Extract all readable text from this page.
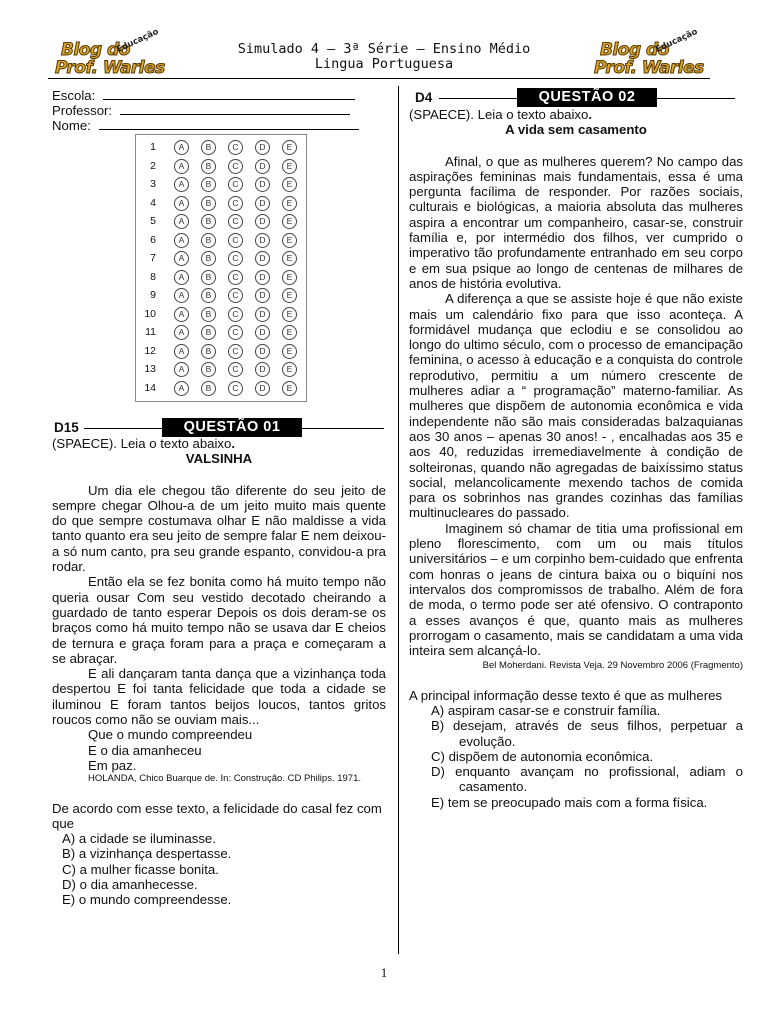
Blog do
Prof. Warles
Educação	Blog do
Prof. Warles
Educação
Simulado 4 – 3ª Série – Ensino Médio
Lingua Portuguesa
Escola:
Professor:
Nome:
1	A	B	C	D	E
2	A	B	C	D	E
3	A	B	C	D	E
4	A	B	C	D	E
5	A	B	C	D	E
6	A	B	C	D	E
7	A	B	C	D	E
8	A	B	C	D	E
9	A	B	C	D	E
10	A	B	C	D	E
11	A	B	C	D	E
12	A	B	C	D	E
13	A	B	C	D	E
14	A	B	C	D	E
D15	QUESTÃO 01
(SPAECE). Leia o texto abaixo.
VALSINHA

Um dia ele chegou tão diferente do seu jeito de sempre chegar Olhou-a de um jeito muito mais quente do que sempre costumava olhar E não maldisse a vida tanto quanto era seu jeito de sempre falar E nem deixou-a só num canto, pra seu grande espanto, convidou-a pra rodar.

Então ela se fez bonita como há muito tempo não queria ousar Com seu vestido decotado cheirando a guardado de tanto esperar Depois os dois deram-se os braços como há muito tempo não se usava dar E cheios de ternura e graça foram para a praça e começaram a se abraçar.

E ali dançaram tanta dança que a vizinhança toda despertou E foi tanta felicidade que toda a cidade se iluminou E foram tantos beijos loucos, tantos gritos roucos como não se ouviam mais...

Que o mundo compreendeu
E o dia amanheceu
Em paz.
HOLANDA, Chico Buarque de. In: Construção. CD Philips. 1971.
De acordo com esse texto, a felicidade do casal fez com que
A) a cidade se iluminasse.
B) a vizinhança despertasse.
C) a mulher ficasse bonita.
D) o dia amanhecesse.
E) o mundo compreendesse.
D4	QUESTÃO 02
(SPAECE). Leia o texto abaixo.
A vida sem casamento

Afinal, o que as mulheres querem? No campo das aspirações femininas mais fundamentais, essa é uma pergunta facílima de responder. Por razões sociais, culturais e biológicas, a maioria absoluta das mulheres aspira a encontrar um companheiro, casar-se, construir família e, por intermédio dos filhos, ver cumprido o imperativo tão profundamente entranhado em seu corpo e em sua psique ao longo de centenas de milhares de anos de história evolutiva.

A diferença a que se assiste hoje é que não existe mais um calendário fixo para que isso aconteça. A formidável mudança que eclodiu e se consolidou ao longo do ultimo século, com o processo de emancipação feminina, o acesso à educação e a conquista do controle reprodutivo, permitiu a um número crescente de mulheres adiar a “ programação” materno-familiar. As mulheres que dispõem de autonomia econômica e vida independente não são mais consideradas balzaquianas aos 30 anos – apenas 30 anos! - , encalhadas aos 35 e aos 40, reduzidas irremediavelmente à condição de solteironas, quando não agregadas de baixíssimo status social, melancolicamente mexendo tachos de comida para os sobrinhos nas grandes cozinhas das famílias multinucleares do passado.

Imaginem só chamar de titia uma profissional em pleno florescimento, com um ou mais títulos universitários – e um corpinho bem-cuidado que enfrenta com honras o jeans de cintura baixa ou o biquíni nos intervalos dos compromissos de trabalho. Além de fora de moda, o termo pode ser até ofensivo. O contraponto a esses avanços é que, quanto mais as mulheres prorrogam o casamento, mais se candidatam a uma vida inteira sem alcançá-lo.

Bel Moherdani. Revista Veja. 29 Novembro 2006 (Fragmento)
A principal informação desse texto é que as mulheres
A) aspiram casar-se e construir família.
B) desejam, através de seus filhos, perpetuar a evolução.
C) dispõem de autonomia econômica.
D) enquanto avançam no profissional, adiam o casamento.
E) tem se preocupado mais com a forma física.
1
